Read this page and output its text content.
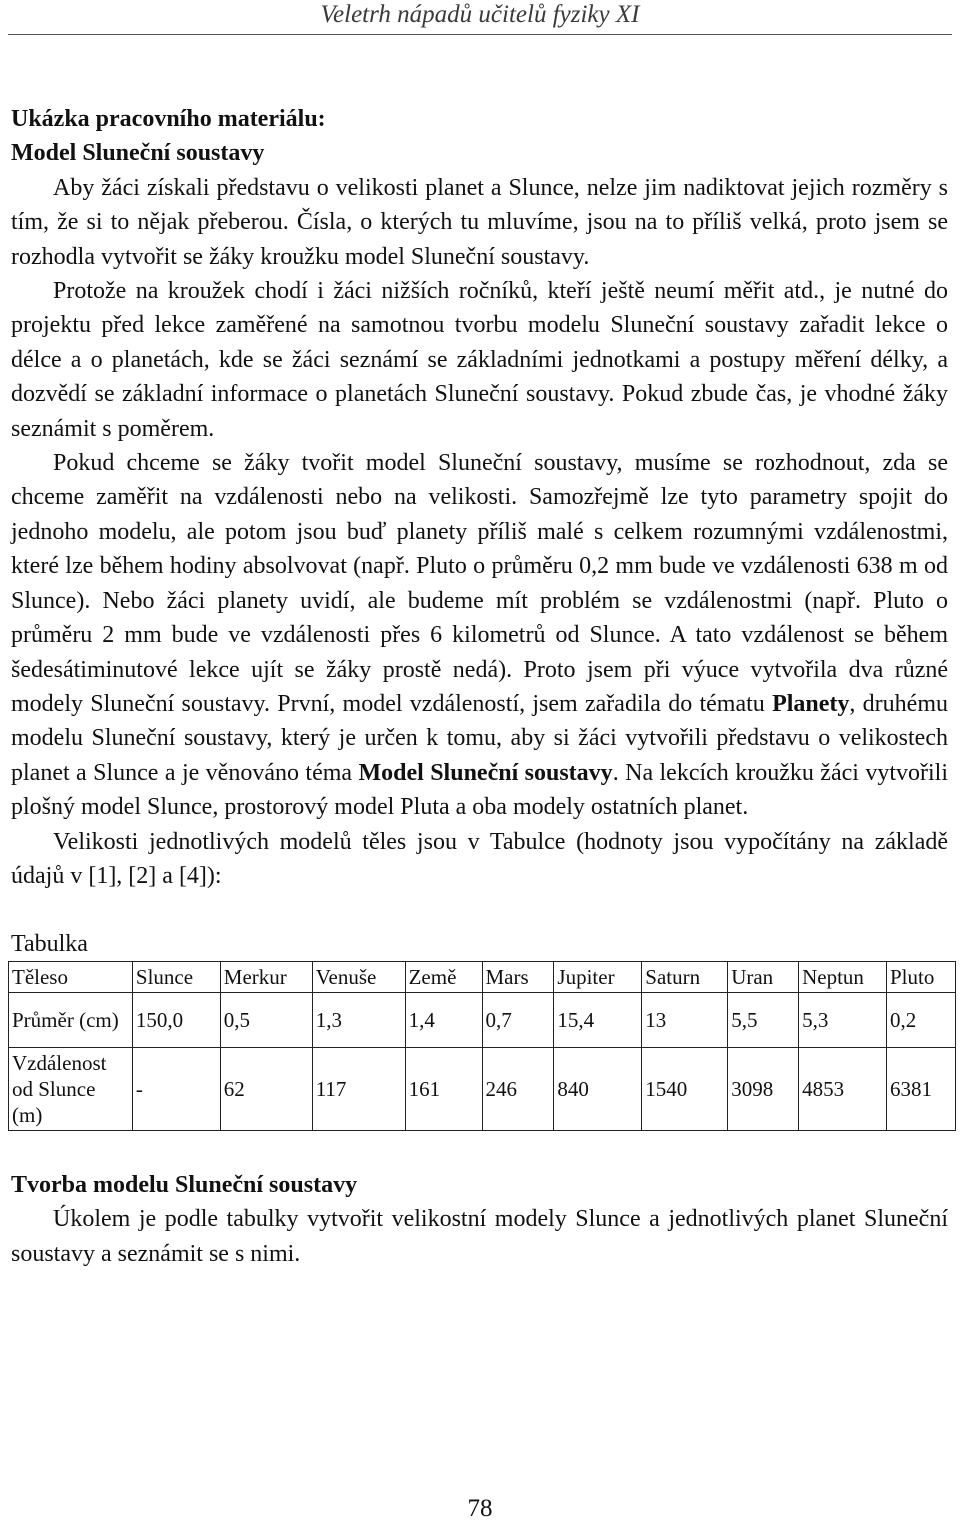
Veletrh nápadů učitelů fyziky XI

Ukázka pracovního materiálu:

Model Sluneční soustavy

Aby žáci získali představu o velikosti planet a Slunce, nelze jim nadiktovat jejich rozměry s tím, že si to nějak přeberou. Čísla, o kterých tu mluvíme, jsou na to příliš velká, proto jsem se rozhodla vytvořit se žáky kroužku model Sluneční soustavy.

Protože na kroužek chodí i žáci nižších ročníků, kteří ještě neumí měřit atd., je nutné do projektu před lekce zaměřené na samotnou tvorbu modelu Sluneční soustavy zařadit lekce o délce a o planetách, kde se žáci seznámí se základními jednotkami a postupy měření délky, a dozvědí se základní informace o planetách Sluneční soustavy. Pokud zbude čas, je vhodné žáky seznámit s poměrem.

Pokud chceme se žáky tvořit model Sluneční soustavy, musíme se rozhodnout, zda se chceme zaměřit na vzdálenosti nebo na velikosti. Samozřejmě lze tyto parametry spojit do jednoho modelu, ale potom jsou buď planety příliš malé s celkem rozumnými vzdálenostmi, které lze během hodiny absolvovat (např. Pluto o průměru 0,2 mm bude ve vzdálenosti 638 m od Slunce). Nebo žáci planety uvidí, ale budeme mít problém se vzdálenostmi (např. Pluto o průměru 2 mm bude ve vzdálenosti přes 6 kilometrů od Slunce. A tato vzdálenost se během šedesátiminutové lekce ujít se žáky prostě nedá). Proto jsem při výuce vytvořila dva různé modely Sluneční soustavy. První, model vzdáleností, jsem zařadila do tématu Planety, druhému modelu Sluneční soustavy, který je určen k tomu, aby si žáci vytvořili představu o velikostech planet a Slunce a je věnováno téma Model Sluneční soustavy. Na lekcích kroužku žáci vytvořili plošný model Slunce, prostorový model Pluta a oba modely ostatních planet.

Velikosti jednotlivých modelů těles jsou v Tabulce (hodnoty jsou vypočítány na základě údajů v [1], [2] a [4]):

Tabulka
Těleso	Slunce	Merkur	Venuše	Země	Mars	Jupiter	Saturn	Uran	Neptun	Pluto
Průměr (cm)	150,0	0,5	1,3	1,4	0,7	15,4	13	5,5	5,3	0,2
Vzdálenost od Slunce (m)	-	62	117	161	246	840	1540	3098	4853	6381
Tvorba modelu Sluneční soustavy

Úkolem je podle tabulky vytvořit velikostní modely Slunce a jednotlivých planet Sluneční soustavy a seznámit se s nimi.

78
